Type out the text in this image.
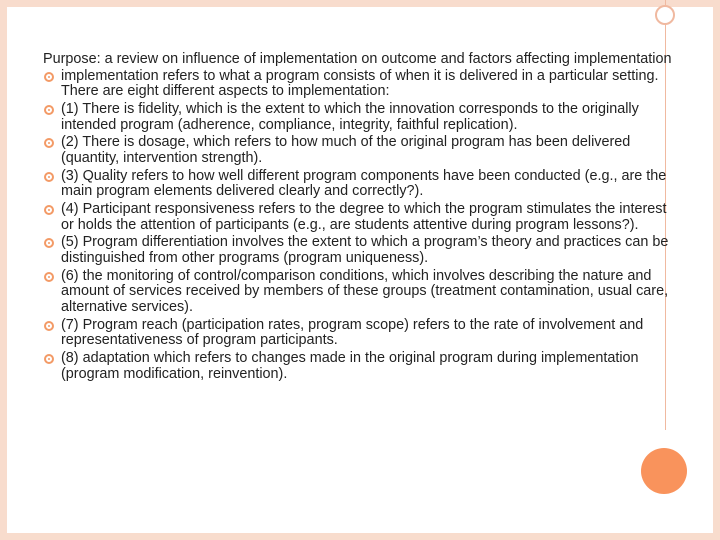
Purpose: a review on influence of implementation on outcome and factors affecting implementation
implementation refers to what a program consists of when it is delivered in a particular setting. There are eight different aspects to implementation:
(1) There is fidelity, which is the extent to which the innovation corresponds to the originally intended program (adherence, compliance, integrity, faithful replication).
(2) There is dosage, which refers to how much of the original program has been delivered (quantity, intervention strength).
(3) Quality refers to how well different program components have been conducted (e.g., are the main program elements delivered clearly and correctly?).
(4) Participant responsiveness refers to the degree to which the program stimulates the interest or holds the attention of participants (e.g., are students attentive during program lessons?).
(5) Program differentiation involves the extent to which a program’s theory and practices can be distinguished from other programs (program uniqueness).
(6) the monitoring of control/comparison conditions, which involves describing the nature and amount of services received by members of these groups (treatment contamination, usual care, alternative services).
(7) Program reach (participation rates, program scope) refers to the rate of involvement and representativeness of program participants.
(8) adaptation which refers to changes made in the original program during implementation (program modification, reinvention).
